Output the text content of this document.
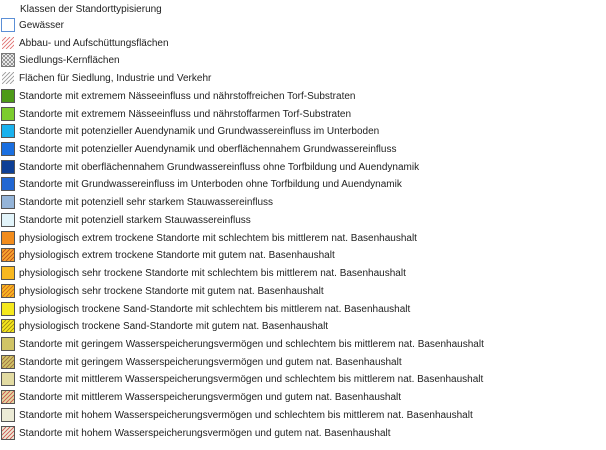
Klassen der Standorttypisierung
Gewässer
Abbau- und Aufschüttungsflächen
Siedlungs-Kernflächen
Flächen für Siedlung, Industrie und Verkehr
Standorte mit extremem Nässeeinfluss und nährstoffreichen Torf-Substraten
Standorte mit extremem Nässeeinfluss und nährstoffarmen Torf-Substraten
Standorte mit potenzieller Auendynamik und Grundwassereinfluss im Unterboden
Standorte mit potenzieller Auendynamik und oberflächennahem Grundwassereinfluss
Standorte mit oberflächennahem Grundwassereinfluss ohne Torfbildung und Auendynamik
Standorte mit Grundwassereinfluss im Unterboden ohne Torfbildung und Auendynamik
Standorte mit potenziell sehr starkem Stauwassereinfluss
Standorte mit potenziell starkem Stauwassereinfluss
physiologisch extrem trockene Standorte mit schlechtem bis mittlerem nat. Basenhaushalt
physiologisch extrem trockene Standorte mit gutem nat. Basenhaushalt
physiologisch sehr trockene Standorte mit schlechtem bis mittlerem nat. Basenhaushalt
physiologisch sehr trockene Standorte mit gutem nat. Basenhaushalt
physiologisch trockene Sand-Standorte mit schlechtem bis mittlerem nat. Basenhaushalt
physiologisch trockene Sand-Standorte mit gutem nat. Basenhaushalt
Standorte mit geringem Wasserspeicherungsvermögen und schlechtem bis mittlerem nat. Basenhaushalt
Standorte mit geringem Wasserspeicherungsvermögen und gutem nat. Basenhaushalt
Standorte mit mittlerem Wasserspeicherungsvermögen und schlechtem bis mittlerem nat. Basenhaushalt
Standorte mit mittlerem Wasserspeicherungsvermögen und gutem nat. Basenhaushalt
Standorte mit hohem Wasserspeicherungsvermögen und schlechtem bis mittlerem nat. Basenhaushalt
Standorte mit hohem Wasserspeicherungsvermögen und gutem nat. Basenhaushalt
